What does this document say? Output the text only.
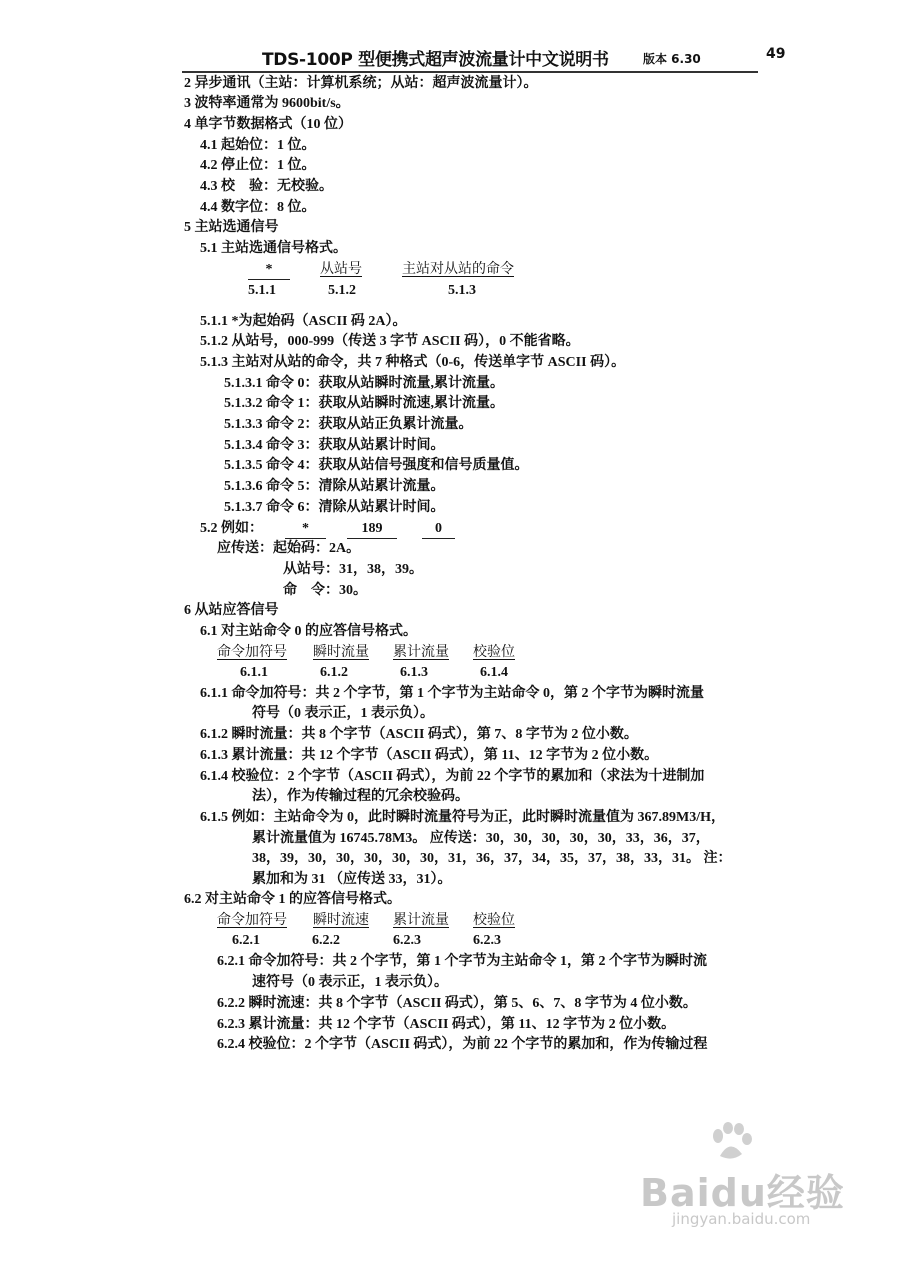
TDS-100P 型便携式超声波流量计中文说明书	版本 6.30	49
2 异步通讯（主站：计算机系统；从站：超声波流量计）。
3 波特率通常为 9600bit/s。
4 单字节数据格式（10 位）
4.1 起始位：1 位。
4.2 停止位：1 位。
4.3 校　验：无校验。
4.4 数字位：8 位。
5 主站选通信号
5.1 主站选通信号格式。
5.1.1 *为起始码（ASCII 码 2A）。
5.1.2 从站号，000-999（传送 3 字节 ASCII 码），0 不能省略。
5.1.3 主站对从站的命令，共 7 种格式（0-6，传送单字节 ASCII 码）。
5.1.3.1 命令 0：获取从站瞬时流量,累计流量。
5.1.3.2 命令 1：获取从站瞬时流速,累计流量。
5.1.3.3 命令 2：获取从站正负累计流量。
5.1.3.4 命令 3：获取从站累计时间。
5.1.3.5 命令 4：获取从站信号强度和信号质量值。
5.1.3.6 命令 5：清除从站累计流量。
5.1.3.7 命令 6：清除从站累计时间。
5.2 例如：
应传送：起始码：2A。
从站号：31，38，39。
命　令：30。
6 从站应答信号
6.1 对主站命令 0 的应答信号格式。
6.1.1 命令加符号：共 2 个字节，第 1 个字节为主站命令 0，第 2 个字节为瞬时流量
符号（0 表示正，1 表示负）。
6.1.2 瞬时流量：共 8 个字节（ASCII 码式），第 7、8 字节为 2 位小数。
6.1.3 累计流量：共 12 个字节（ASCII 码式），第 11、12 字节为 2 位小数。
6.1.4 校验位：2 个字节（ASCII 码式），为前 22 个字节的累加和（求法为十进制加
法），作为传输过程的冗余校验码。
6.1.5 例如：主站命令为 0，此时瞬时流量符号为正，此时瞬时流量值为 367.89M3/H，
累计流量值为 16745.78M3。 应传送：30，30，30，30，30，33，36，37，
38，39，30，30，30，30，30，31，36，37，34，35，37，38，33，31。 注：
累加和为 31 （应传送 33，31）。
6.2 对主站命令 1 的应答信号格式。
6.2.1 命令加符号：共 2 个字节，第 1 个字节为主站命令 1，第 2 个字节为瞬时流
速符号（0 表示正，1 表示负）。
6.2.2 瞬时流速：共 8 个字节（ASCII 码式），第 5、6、7、8 字节为 4 位小数。
6.2.3 累计流量：共 12 个字节（ASCII 码式），第 11、12 字节为 2 位小数。
6.2.4 校验位：2 个字节（ASCII 码式），为前 22 个字节的累加和，作为传输过程
*	从站号	主站对从站的命令
5.1.1	5.1.2	5.1.3
*	189	0
命令加符号 瞬时流量 累计流量 校验位
6.1.1	6.1.2	6.1.3	6.1.4
命令加符号 瞬时流速 累计流量 校验位
6.2.1	6.2.2	6.2.3	6.2.3
Baidu经验
jingyan.baidu.com
